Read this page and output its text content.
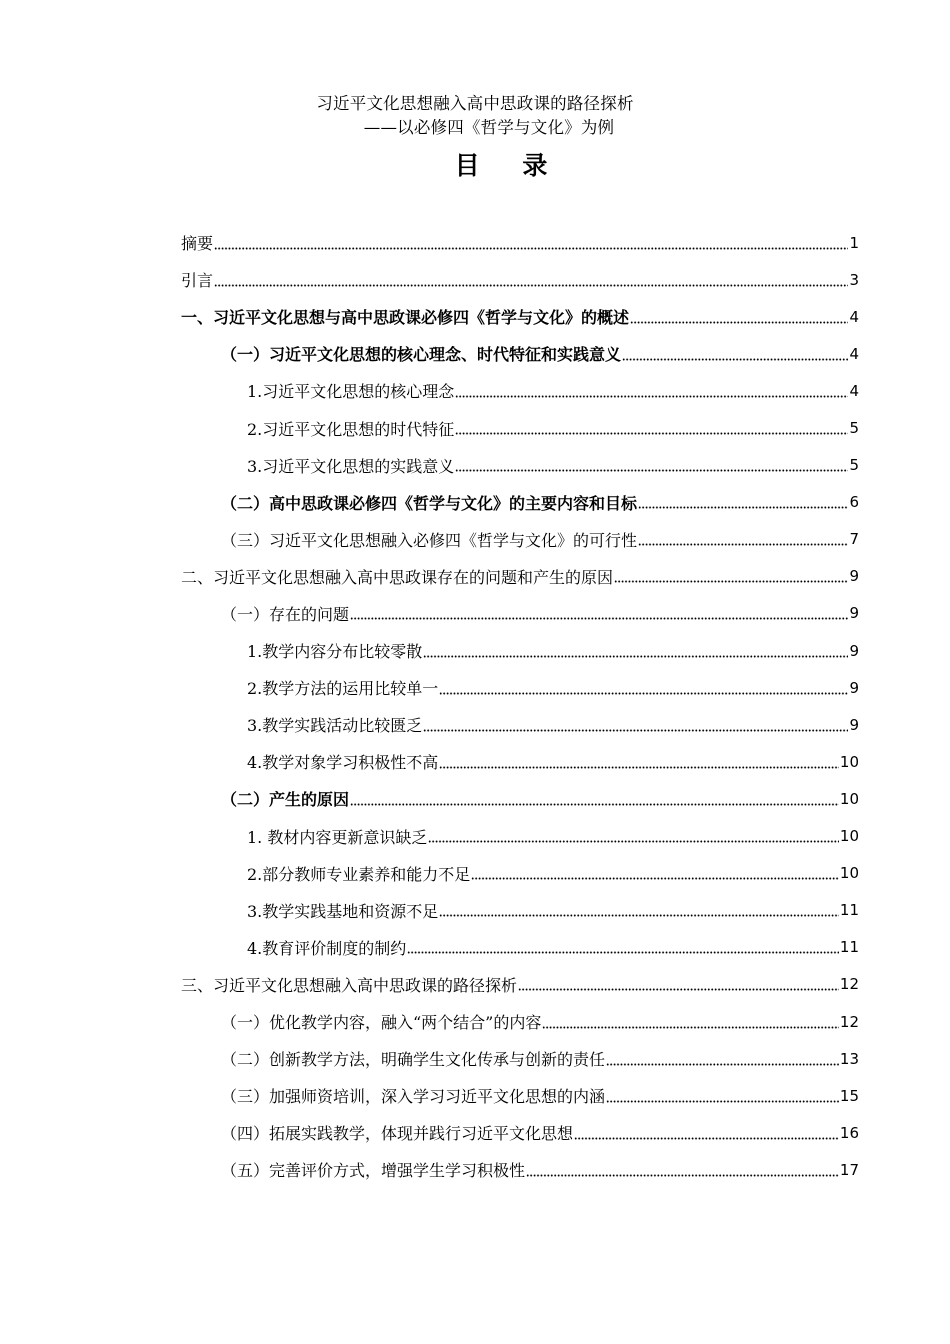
习近平文化思想融入高中思政课的路径探析
——以必修四《哲学与文化》为例
目 录
摘要	1
引言	3
一、习近平文化思想与高中思政课必修四《哲学与文化》的概述	4
（一）习近平文化思想的核心理念、时代特征和实践意义	4
1.习近平文化思想的核心理念	4
2.习近平文化思想的时代特征	5
3.习近平文化思想的实践意义	5
（二）高中思政课必修四《哲学与文化》的主要内容和目标	6
（三）习近平文化思想融入必修四《哲学与文化》的可行性	7
二、习近平文化思想融入高中思政课存在的问题和产生的原因	9
（一）存在的问题	9
1.教学内容分布比较零散	9
2.教学方法的运用比较单一	9
3.教学实践活动比较匮乏	9
4.教学对象学习积极性不高	10
（二）产生的原因	10
1. 教材内容更新意识缺乏	10
2.部分教师专业素养和能力不足	10
3.教学实践基地和资源不足	11
4.教育评价制度的制约	11
三、习近平文化思想融入高中思政课的路径探析	12
（一）优化教学内容，融入“两个结合”的内容	12
（二）创新教学方法，明确学生文化传承与创新的责任	13
（三）加强师资培训，深入学习习近平文化思想的内涵	15
（四）拓展实践教学，体现并践行习近平文化思想	16
（五）完善评价方式，增强学生学习积极性	17
